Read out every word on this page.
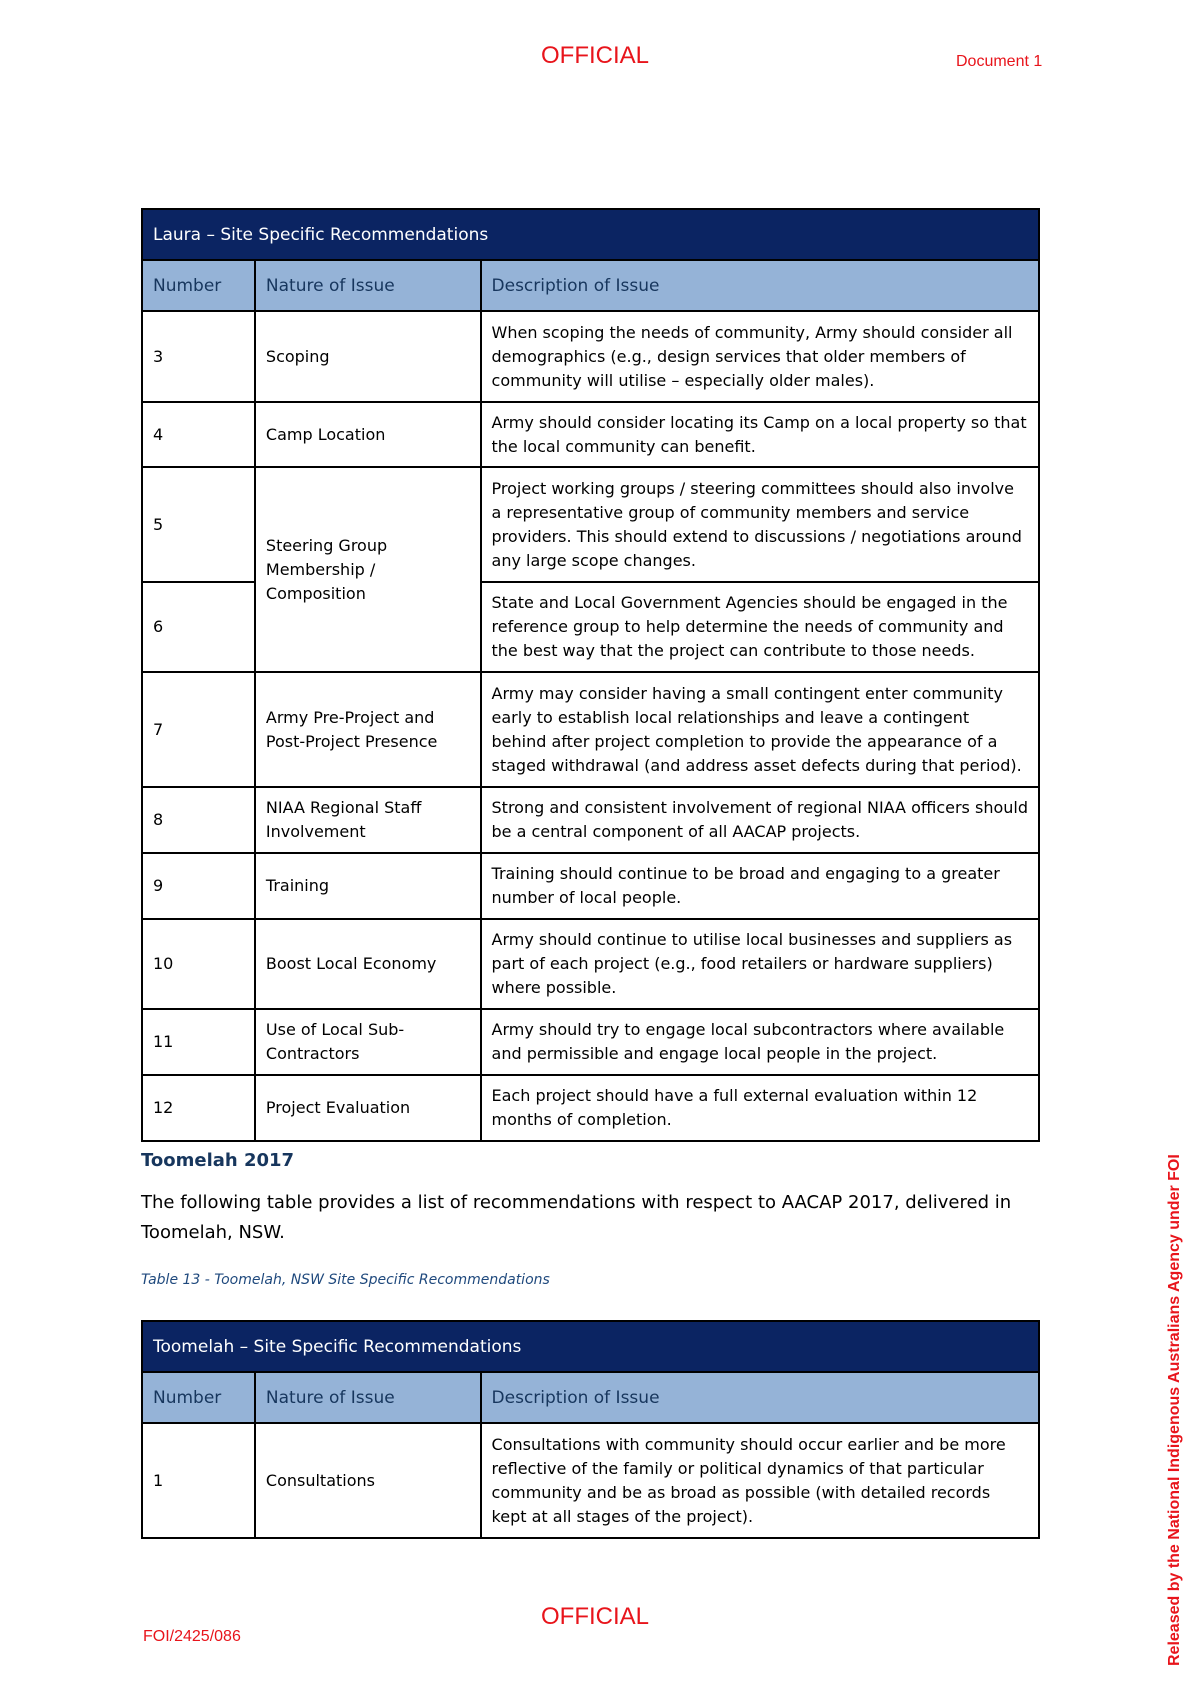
OFFICIAL	Document 1
Laura – Site Specific Recommendations		
Number	Nature of Issue	Description of Issue
3	Scoping	When scoping the needs of community, Army should consider all demographics (e.g., design services that older members of community will utilise – especially older males).
4	Camp Location	Army should consider locating its Camp on a local property so that the local community can benefit.
5	Steering Group Membership / Composition	Project working groups / steering committees should also involve a representative group of community members and service providers. This should extend to discussions / negotiations around any large scope changes.
6		State and Local Government Agencies should be engaged in the reference group to help determine the needs of community and the best way that the project can contribute to those needs.
7	Army Pre-Project and Post-Project Presence	Army may consider having a small contingent enter community early to establish local relationships and leave a contingent behind after project completion to provide the appearance of a staged withdrawal (and address asset defects during that period).
8	NIAA Regional Staff Involvement	Strong and consistent involvement of regional NIAA officers should be a central component of all AACAP projects.
9	Training	Training should continue to be broad and engaging to a greater number of local people.
10	Boost Local Economy	Army should continue to utilise local businesses and suppliers as part of each project (e.g., food retailers or hardware suppliers) where possible.
11	Use of Local Sub-Contractors	Army should try to engage local subcontractors where available and permissible and engage local people in the project.
12	Project Evaluation	Each project should have a full external evaluation within 12 months of completion.
Toomelah 2017
The following table provides a list of recommendations with respect to AACAP 2017, delivered in Toomelah, NSW.
Table 13 - Toomelah, NSW Site Specific Recommendations
Toomelah – Site Specific Recommendations		
Number	Nature of Issue	Description of Issue
1	Consultations	Consultations with community should occur earlier and be more reflective of the family or political dynamics of that particular community and be as broad as possible (with detailed records kept at all stages of the project).
OFFICIAL
FOI/2425/086	Released by the National Indigenous Australians Agency under FOI
